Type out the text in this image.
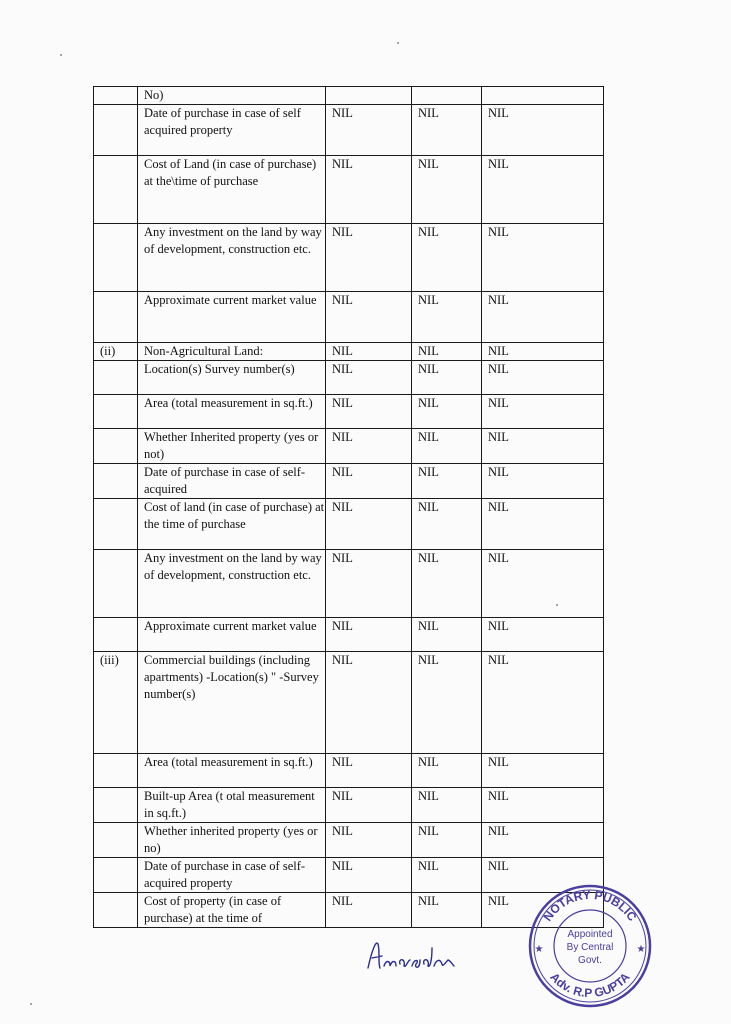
	No)			
	Date of purchase in case of self acquired property	NIL	NIL	NIL
	Cost of Land (in case of purchase) at the\time of purchase	NIL	NIL	NIL
	Any investment on the land by way of development, construction etc.	NIL	NIL	NIL
	Approximate current market value	NIL	NIL	NIL
(ii)	Non-Agricultural Land:	NIL	NIL	NIL
	Location(s) Survey number(s)	NIL	NIL	NIL
	Area (total measurement in sq.ft.)	NIL	NIL	NIL
	Whether Inherited property (yes or not)	NIL	NIL	NIL
	Date of purchase in case of self-acquired	NIL	NIL	NIL
	Cost of land (in case of purchase) at the time of purchase	NIL	NIL	NIL
	Any investment on the land by way of development, construction etc.	NIL	NIL	NIL
	Approximate current market value	NIL	NIL	NIL
(iii)	Commercial buildings (including apartments) -Location(s) " -Survey number(s)	NIL	NIL	NIL
	Area (total measurement in sq.ft.)	NIL	NIL	NIL
	Built-up Area (t otal measurement in sq.ft.)	NIL	NIL	NIL
	Whether inherited property (yes or no)	NIL	NIL	NIL
	Date of purchase in case of self-acquired property	NIL	NIL	NIL
	Cost of property (in case of purchase) at the time of	NIL	NIL	NIL
NOTARY PUBLIC
Adv. R.P GUPTA
Appointed
By Central
Govt.
★	★
